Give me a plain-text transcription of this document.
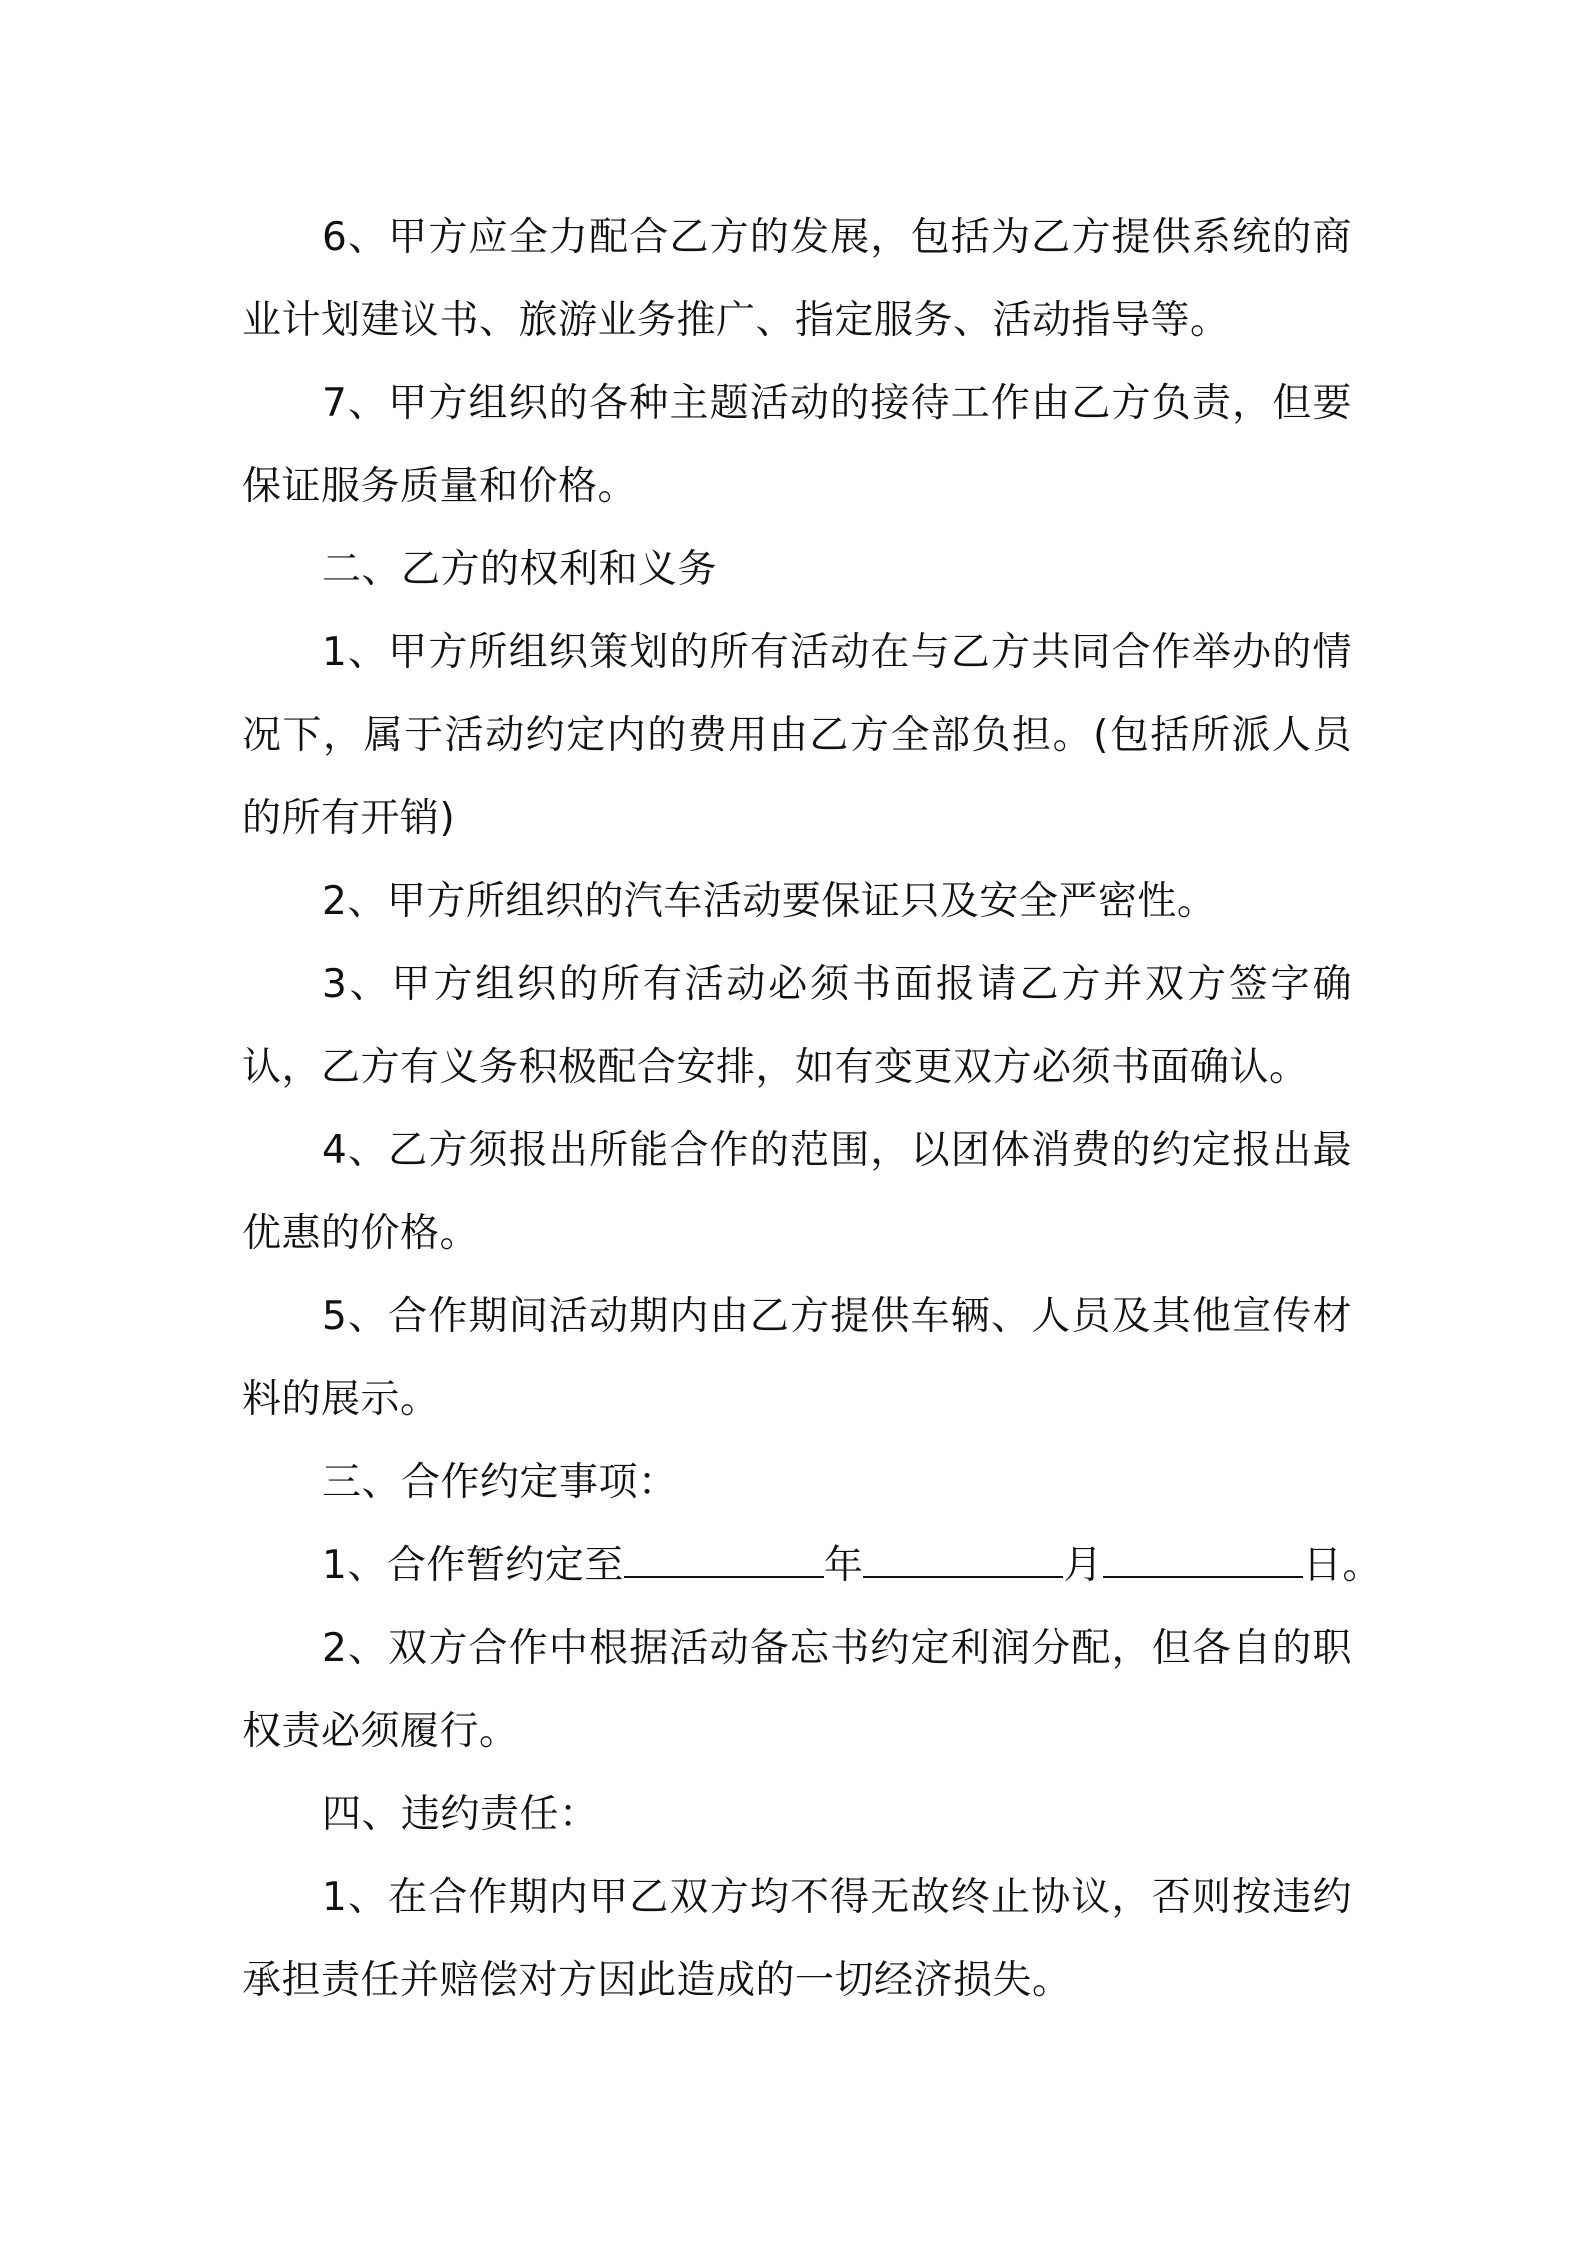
6、甲方应全力配合乙方的发展，包括为乙方提供系统的商业计划建议书、旅游业务推广、指定服务、活动指导等。

7、甲方组织的各种主题活动的接待工作由乙方负责，但要保证服务质量和价格。

二、乙方的权利和义务

1、甲方所组织策划的所有活动在与乙方共同合作举办的情况下，属于活动约定内的费用由乙方全部负担。(包括所派人员的所有开销)

2、甲方所组织的汽车活动要保证只及安全严密性。

3、甲方组织的所有活动必须书面报请乙方并双方签字确认，乙方有义务积极配合安排，如有变更双方必须书面确认。

4、乙方须报出所能合作的范围，以团体消费的约定报出最优惠的价格。

5、合作期间活动期内由乙方提供车辆、人员及其他宣传材料的展示。

三、合作约定事项：

1、合作暂约定至	年	月	日。

2、双方合作中根据活动备忘书约定利润分配，但各自的职权责必须履行。

四、违约责任：

1、在合作期内甲乙双方均不得无故终止协议，否则按违约承担责任并赔偿对方因此造成的一切经济损失。
